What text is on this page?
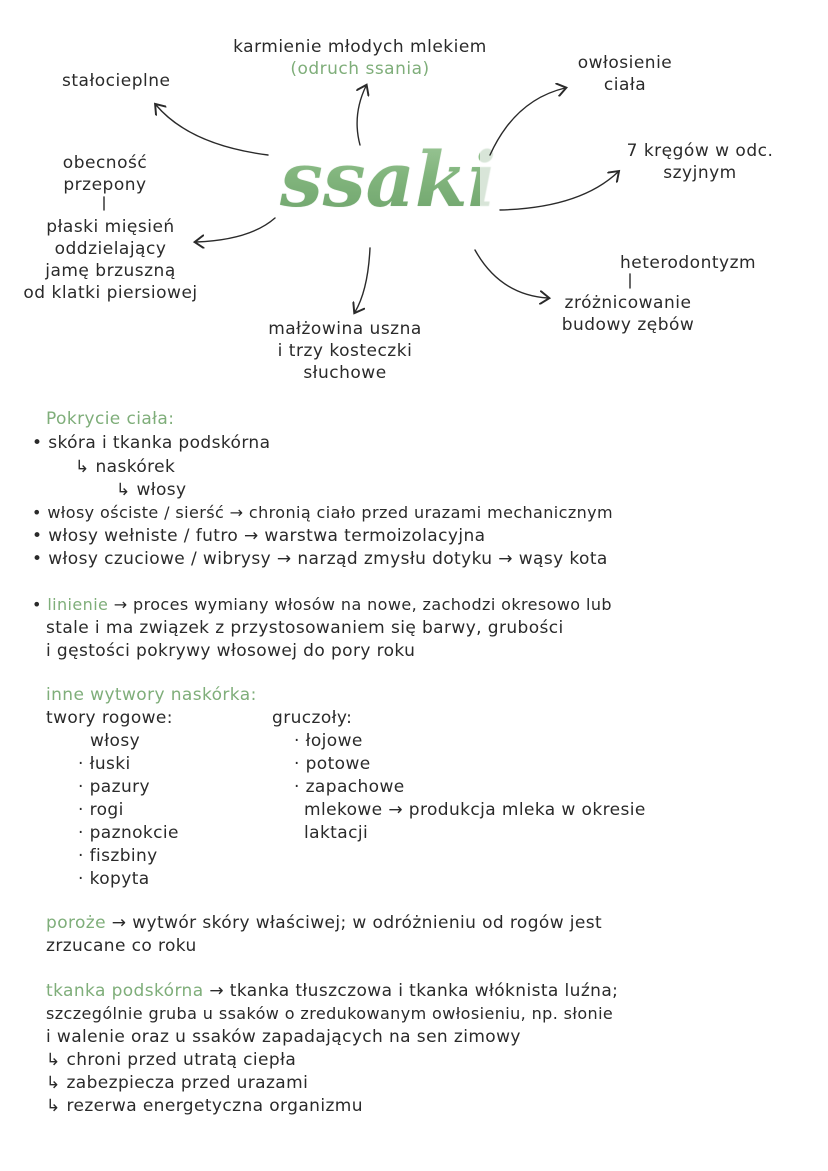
ssaki
karmienie młodych mlekiem
(odruch ssania)
stałocieplne
owłosienie
ciała
7 kręgów w odc.
szyjnym
obecność
przepony
płaski mięsień
oddzielający
jamę brzuszną
od klatki piersiowej
heterodontyzm
zróżnicowanie
budowy zębów
małżowina uszna
i trzy kosteczki
słuchowe
Pokrycie ciała:
• skóra i tkanka podskórna
↳ naskórek
↳ włosy
• włosy ościste / sierść → chronią ciało przed urazami mechanicznym
• włosy wełniste / futro → warstwa termoizolacyjna
• włosy czuciowe / wibrysy → narząd zmysłu dotyku → wąsy kota
• linienie → proces wymiany włosów na nowe, zachodzi okresowo lub
stale i ma związek z przystosowaniem się barwy, grubości
i gęstości pokrywy włosowej do pory roku
inne wytwory naskórka:
twory rogowe:
włosy
· łuski
· pazury
· rogi
· paznokcie
· fiszbiny
· kopyta
gruczoły:
· łojowe
· potowe
· zapachowe
mlekowe → produkcja mleka w okresie
laktacji
poroże → wytwór skóry właściwej; w odróżnieniu od rogów jest
zrzucane co roku
tkanka podskórna → tkanka tłuszczowa i tkanka włóknista luźna;
szczególnie gruba u ssaków o zredukowanym owłosieniu, np. słonie
i walenie oraz u ssaków zapadających na sen zimowy
↳ chroni przed utratą ciepła
↳ zabezpiecza przed urazami
↳ rezerwa energetyczna organizmu
